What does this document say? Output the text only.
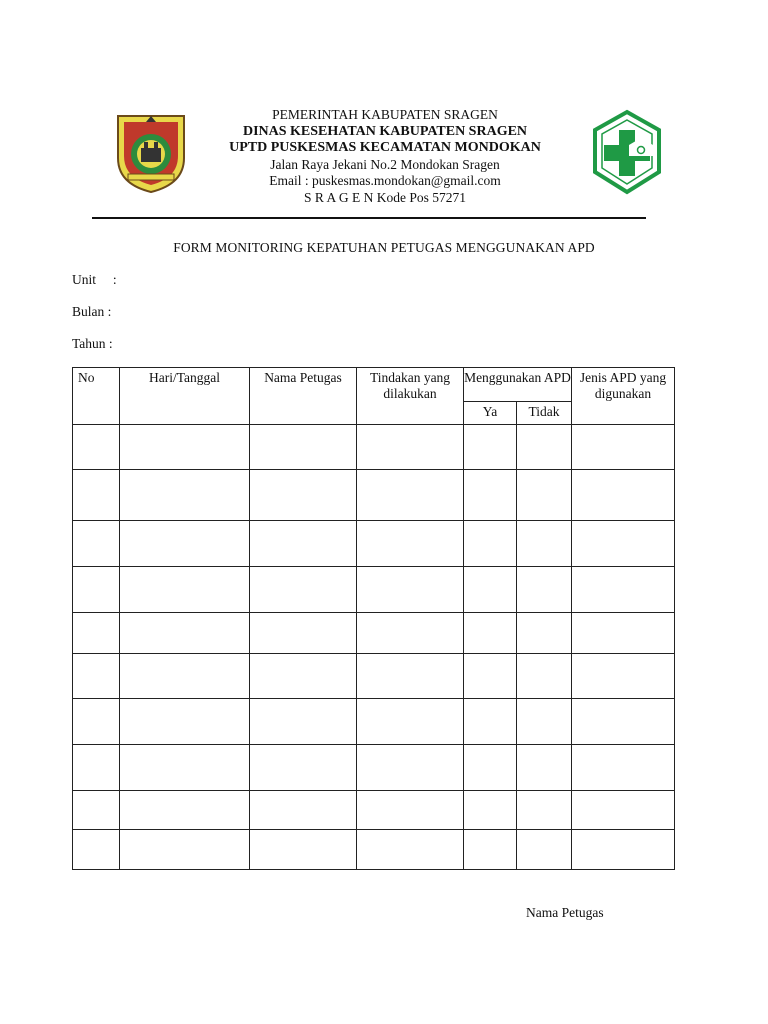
PEMERINTAH KABUPATEN SRAGEN
DINAS KESEHATAN KABUPATEN SRAGEN
UPTD PUSKESMAS KECAMATAN MONDOKAN
Jalan Raya Jekani No.2 Mondokan Sragen
Email : puskesmas.mondokan@gmail.com
S R A G E N Kode Pos 57271
FORM MONITORING KEPATUHAN PETUGAS MENGGUNAKAN APD
Unit     :
Bulan :
Tahun :
No	Hari/Tanggal	Nama Petugas	Tindakan yang dilakukan	Menggunakan APD		Jenis APD yang digunakan
				Ya	Tidak	

Nama Petugas
